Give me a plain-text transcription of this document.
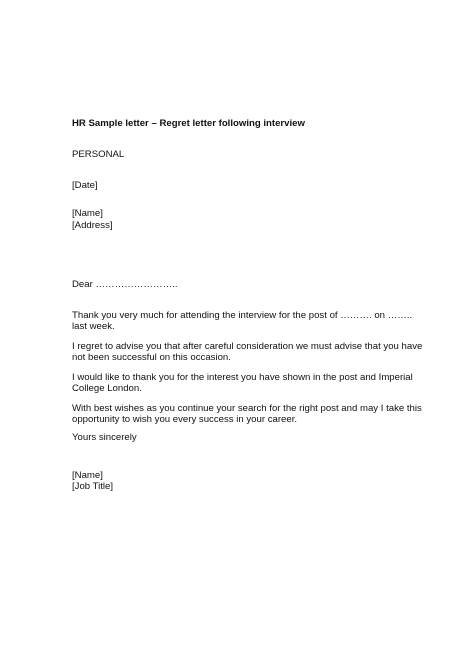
HR Sample letter – Regret letter following interview
PERSONAL
[Date]
[Name]
[Address]
Dear ……………………..
Thank you very much for attending the interview for the post of ………. on ……..
last week.
I regret to advise you that after careful consideration we must advise that you have
not been successful on this occasion.
I would like to thank you for the interest you have shown in the post and Imperial
College London.
With best wishes as you continue your search for the right post and may I take this
opportunity to wish you every success in your career.
Yours sincerely
[Name]
[Job Title]
